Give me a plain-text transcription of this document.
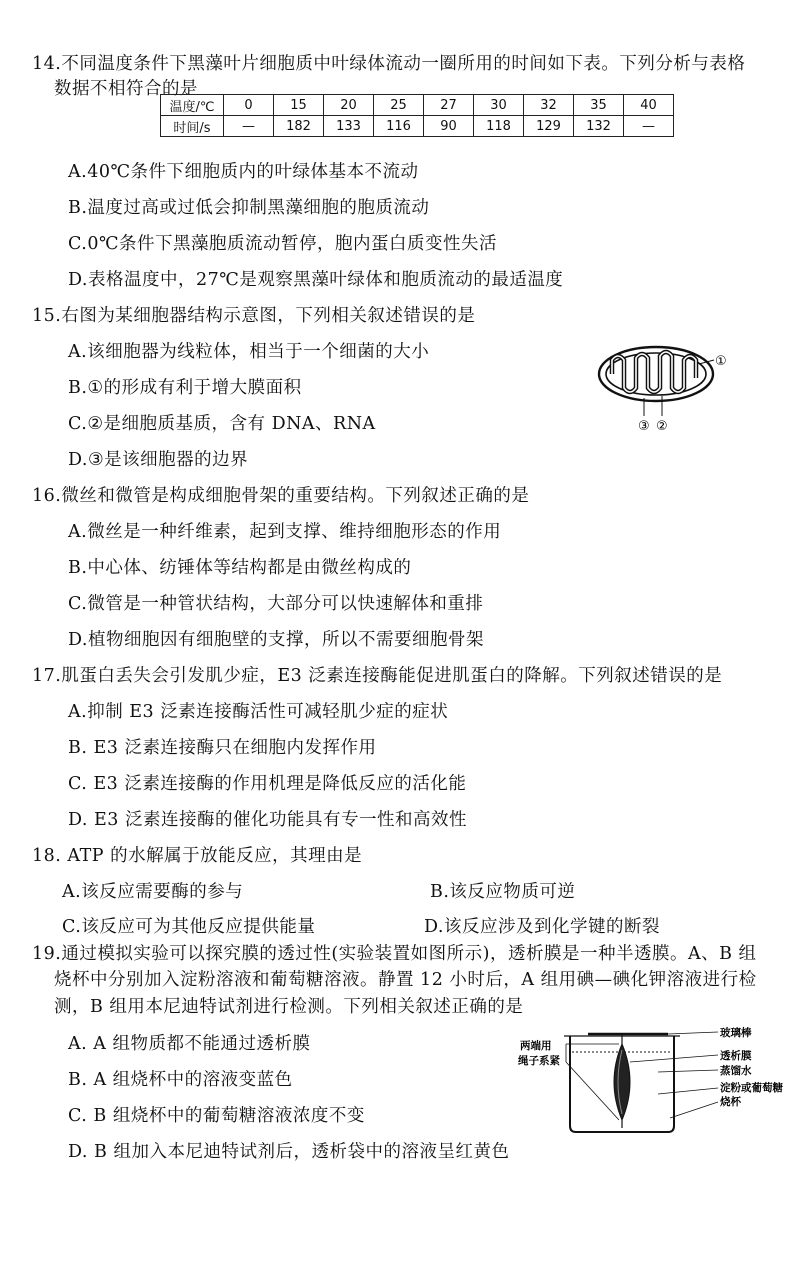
14.不同温度条件下黑藻叶片细胞质中叶绿体流动一圈所用的时间如下表。下列分析与表格
数据不相符合的是
温度/℃	0	15	20	25	27	30	32	35	40
时间/s	—	182	133	116	90	118	129	132	—
A.40℃条件下细胞质内的叶绿体基本不流动
B.温度过高或过低会抑制黑藻细胞的胞质流动
C.0℃条件下黑藻胞质流动暂停，胞内蛋白质变性失活
D.表格温度中，27℃是观察黑藻叶绿体和胞质流动的最适温度
15.右图为某细胞器结构示意图，下列相关叙述错误的是
A.该细胞器为线粒体，相当于一个细菌的大小
B.①的形成有利于增大膜面积
C.②是细胞质基质，含有 DNA、RNA
D.③是该细胞器的边界
①
③ ②
16.微丝和微管是构成细胞骨架的重要结构。下列叙述正确的是
A.微丝是一种纤维素，起到支撑、维持细胞形态的作用
B.中心体、纺锤体等结构都是由微丝构成的
C.微管是一种管状结构，大部分可以快速解体和重排
D.植物细胞因有细胞壁的支撑，所以不需要细胞骨架
17.肌蛋白丢失会引发肌少症，E3 泛素连接酶能促进肌蛋白的降解。下列叙述错误的是
A.抑制 E3 泛素连接酶活性可减轻肌少症的症状
B. E3 泛素连接酶只在细胞内发挥作用
C. E3 泛素连接酶的作用机理是降低反应的活化能
D. E3 泛素连接酶的催化功能具有专一性和高效性
18. ATP 的水解属于放能反应，其理由是
A.该反应需要酶的参与	B.该反应物质可逆
C.该反应可为其他反应提供能量	D.该反应涉及到化学键的断裂
19.通过模拟实验可以探究膜的透过性(实验装置如图所示)，透析膜是一种半透膜。A、B 组
烧杯中分别加入淀粉溶液和葡萄糖溶液。静置 12 小时后，A 组用碘—碘化钾溶液进行检
测，B 组用本尼迪特试剂进行检测。下列相关叙述正确的是
A. A 组物质都不能通过透析膜
B. A 组烧杯中的溶液变蓝色
C. B 组烧杯中的葡萄糖溶液浓度不变
D. B 组加入本尼迪特试剂后，透析袋中的溶液呈红黄色
玻璃棒
透析膜
蒸馏水
淀粉或葡萄糖
烧杯
两端用
绳子系紧
